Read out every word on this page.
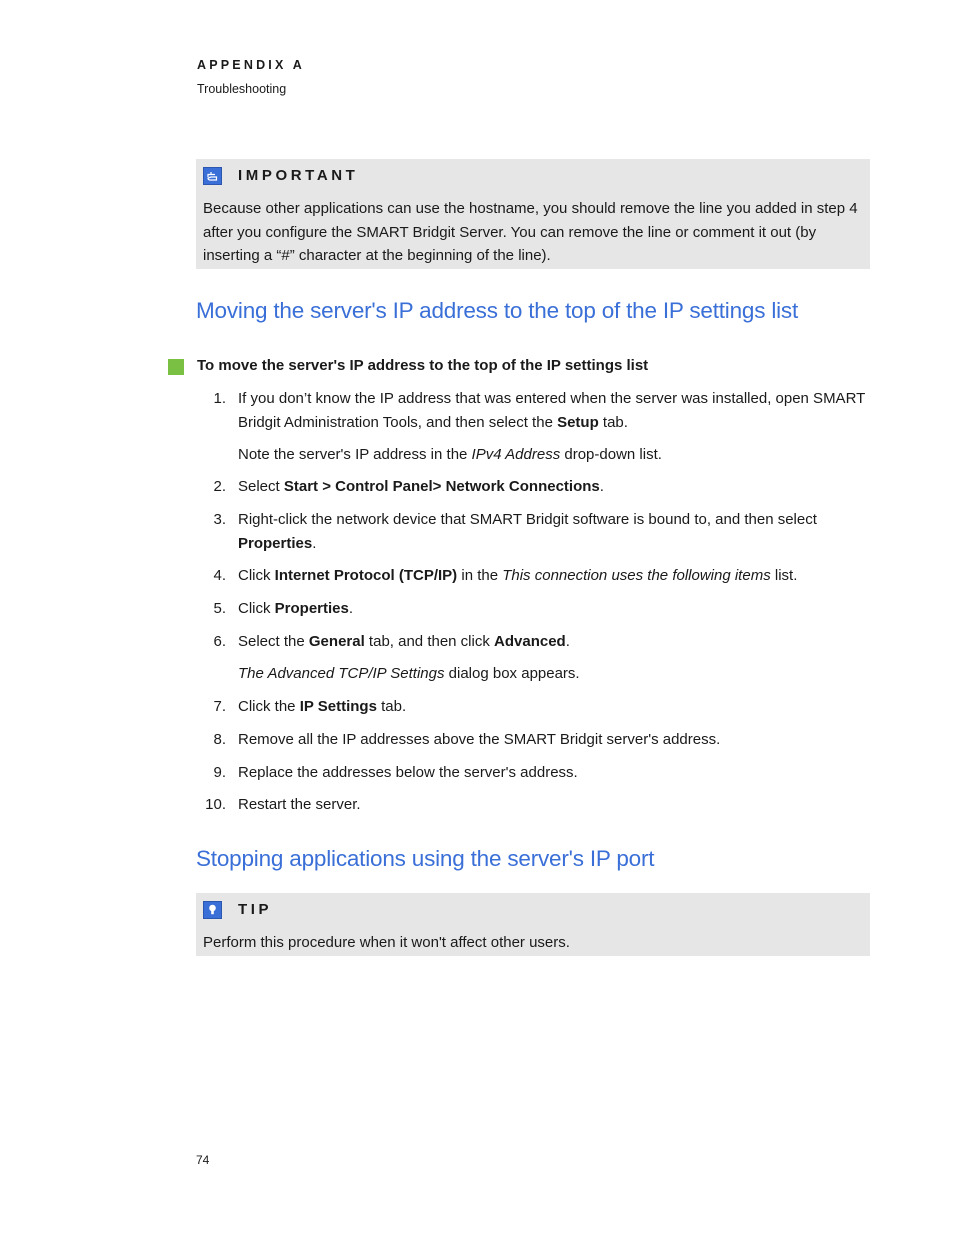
APPENDIX A
Troubleshooting
IMPORTANT
Because other applications can use the hostname, you should remove the line you added in step 4 after you configure the SMART Bridgit Server. You can remove the line or comment it out (by inserting a “#” character at the beginning of the line).
Moving the server's IP address to the top of the IP settings list
To move the server's IP address to the top of the IP settings list
1. If you don’t know the IP address that was entered when the server was installed, open SMART Bridgit Administration Tools, and then select the Setup tab.
Note the server's IP address in the IPv4 Address drop-down list.
2. Select Start > Control Panel> Network Connections.
3. Right-click the network device that SMART Bridgit software is bound to, and then select Properties.
4. Click Internet Protocol (TCP/IP) in the This connection uses the following items list.
5. Click Properties.
6. Select the General tab, and then click Advanced.
The Advanced TCP/IP Settings dialog box appears.
7. Click the IP Settings tab.
8. Remove all the IP addresses above the SMART Bridgit server's address.
9. Replace the addresses below the server's address.
10. Restart the server.
Stopping applications using the server's IP port
TIP
Perform this procedure when it won't affect other users.
74
